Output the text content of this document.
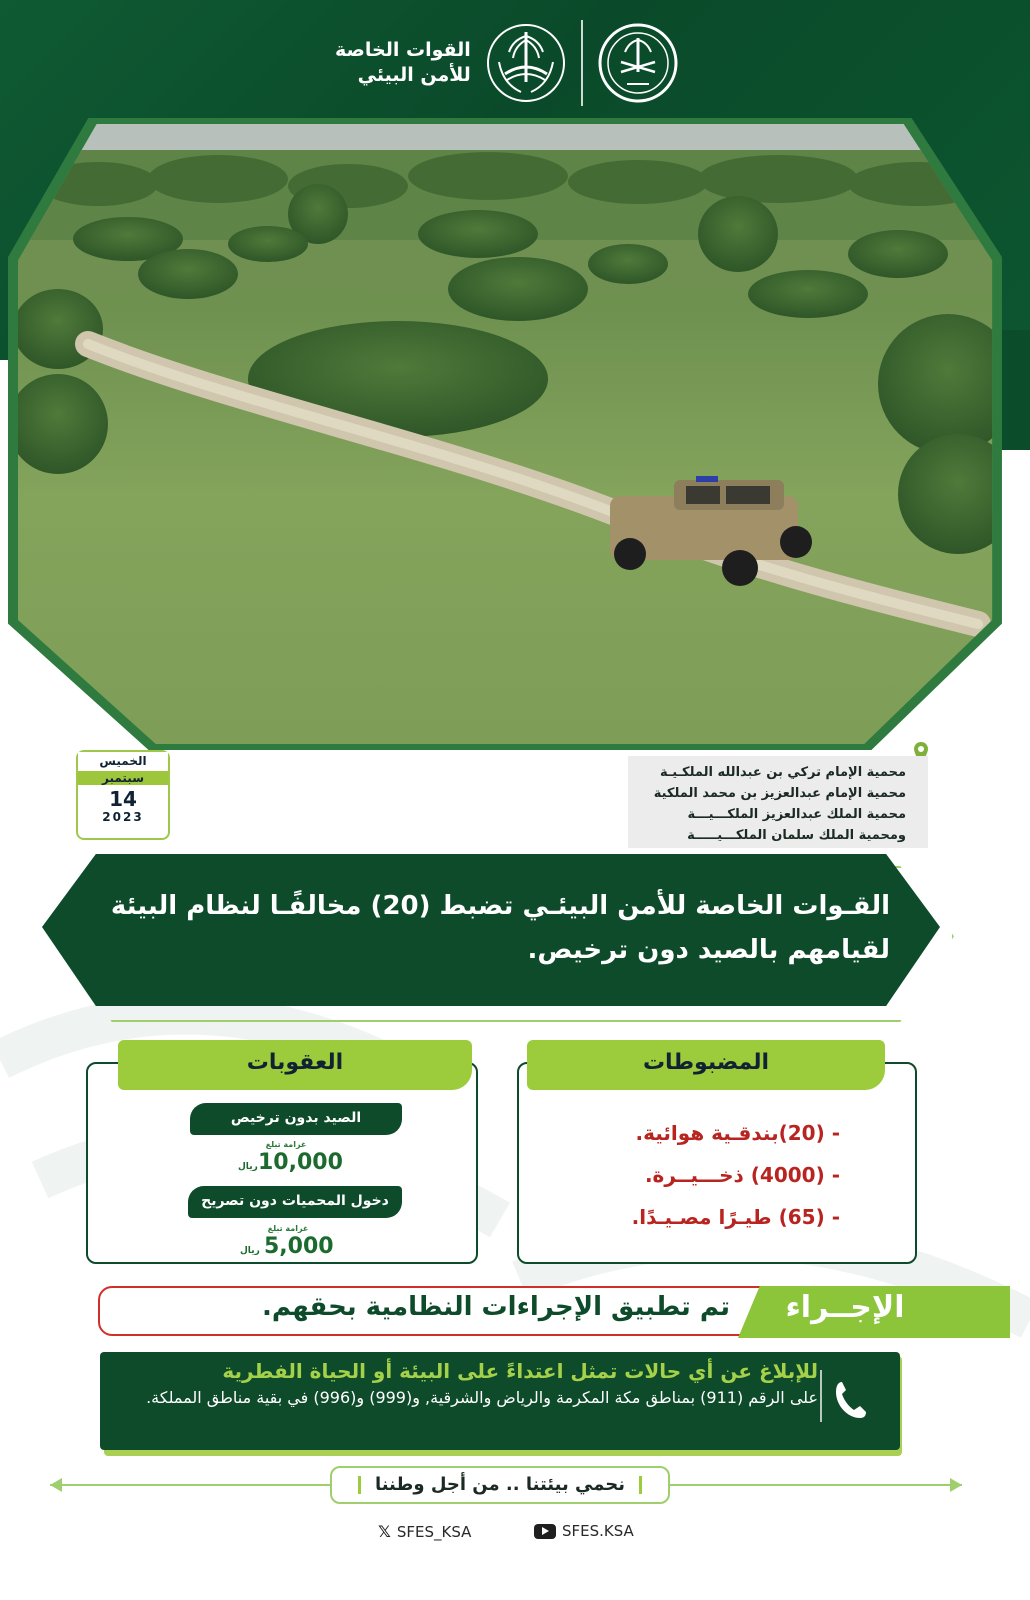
القوات الخاصة
للأمن البيئي
محمية الإمام تركي بن عبدالله الملكـيـة
محمية الإمام عبدالعزيز بن محمد الملكية
محمية الملك عبدالعزيز الملكـــيـــة
ومحمية الملك سلمان الملكـــيـــــة
الخميس
سبتمبر
14
2023
القـوات الخاصة للأمن البيئـي تضبط (20) مخالفًـا لنظام البيئة
لقيامهم بالصيد دون ترخيص.
العقوبات
الصيد بدون ترخيص
غرامة تبلغ
10,000
ريال
دخول المحميات دون تصريح
غرامة تبلغ
5,000
ريال
المضبوطات
- (20)بندقـية هوائية.
- (4000) ذخـــيــرة.
- (65) طيـرًا مصـيـدًا.
تم تطبيق الإجراءات النظامية بحقهم.	الإجــراء
للإبلاغ عن أي حالات تمثل اعتداءً على البيئة أو الحياة الفطرية
على الرقم (911) بمناطق مكة المكرمة والرياض والشرقية, و(999) و(996) في بقية مناطق المملكة.
نحمي بيئتنا .. من أجل وطننا
𝕏 SFES_KSA	SFES.KSA
